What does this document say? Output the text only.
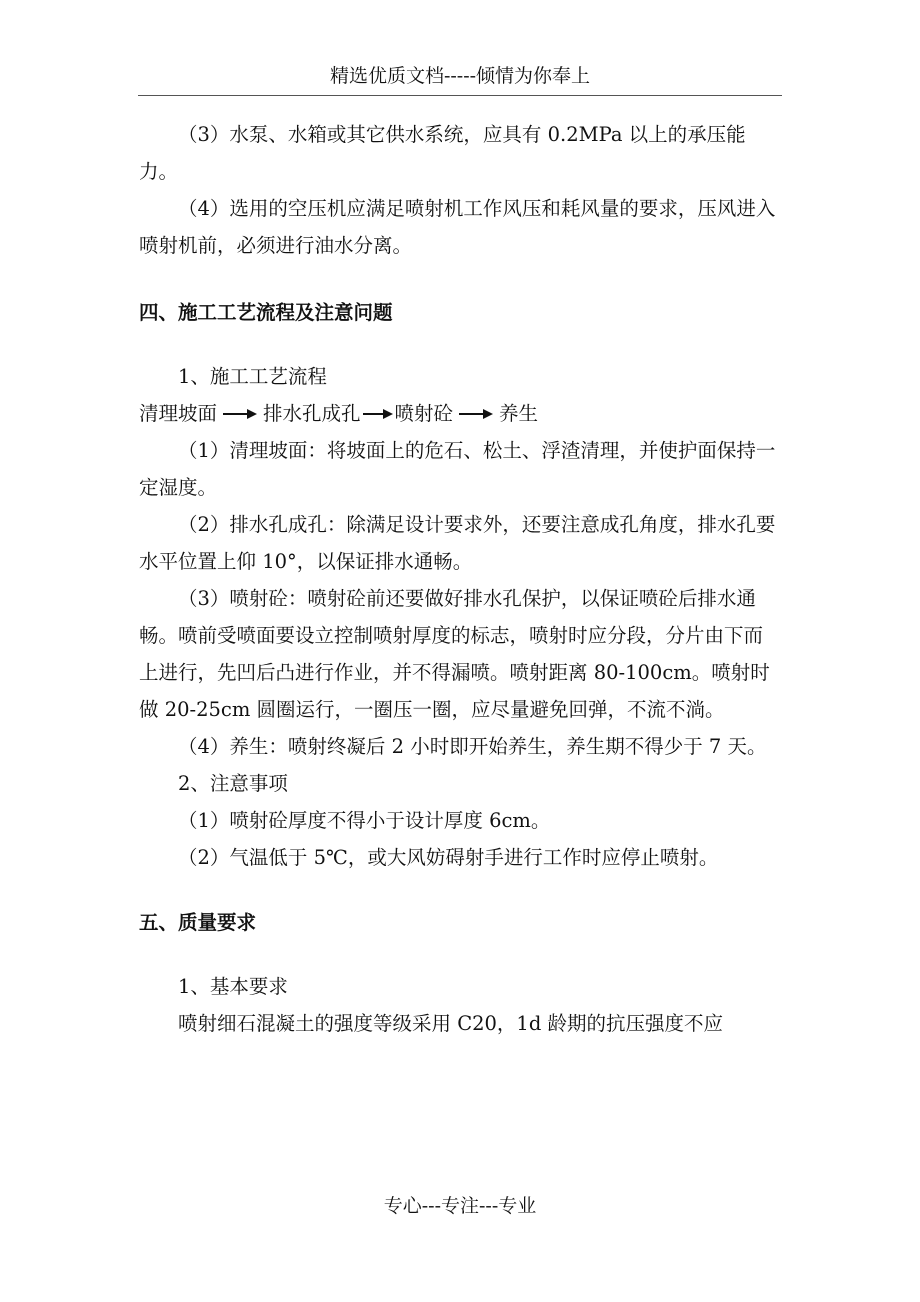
精选优质文档-----倾情为你奉上

（3）水泵、水箱或其它供水系统，应具有 0.2MPa 以上的承压能力。

（4）选用的空压机应满足喷射机工作风压和耗风量的要求，压风进入喷射机前，必须进行油水分离。

四、施工工艺流程及注意问题

1、施工工艺流程

清理坡面 排水孔成孔 喷射砼 养生

（1）清理坡面：将坡面上的危石、松土、浮渣清理，并使护面保持一定湿度。

（2）排水孔成孔：除满足设计要求外，还要注意成孔角度，排水孔要水平位置上仰 10°，以保证排水通畅。

（3）喷射砼：喷射砼前还要做好排水孔保护，以保证喷砼后排水通畅。喷前受喷面要设立控制喷射厚度的标志，喷射时应分段，分片由下而上进行，先凹后凸进行作业，并不得漏喷。喷射距离 80-100cm。喷射时做 20-25cm 圆圈运行，一圈压一圈，应尽量避免回弹，不流不淌。

（4）养生：喷射终凝后 2 小时即开始养生，养生期不得少于 7 天。

2、注意事项

（1）喷射砼厚度不得小于设计厚度 6cm。

（2）气温低于 5℃，或大风妨碍射手进行工作时应停止喷射。

五、质量要求

1、基本要求

喷射细石混凝土的强度等级采用 C20，1d 龄期的抗压强度不应

专心---专注---专业
